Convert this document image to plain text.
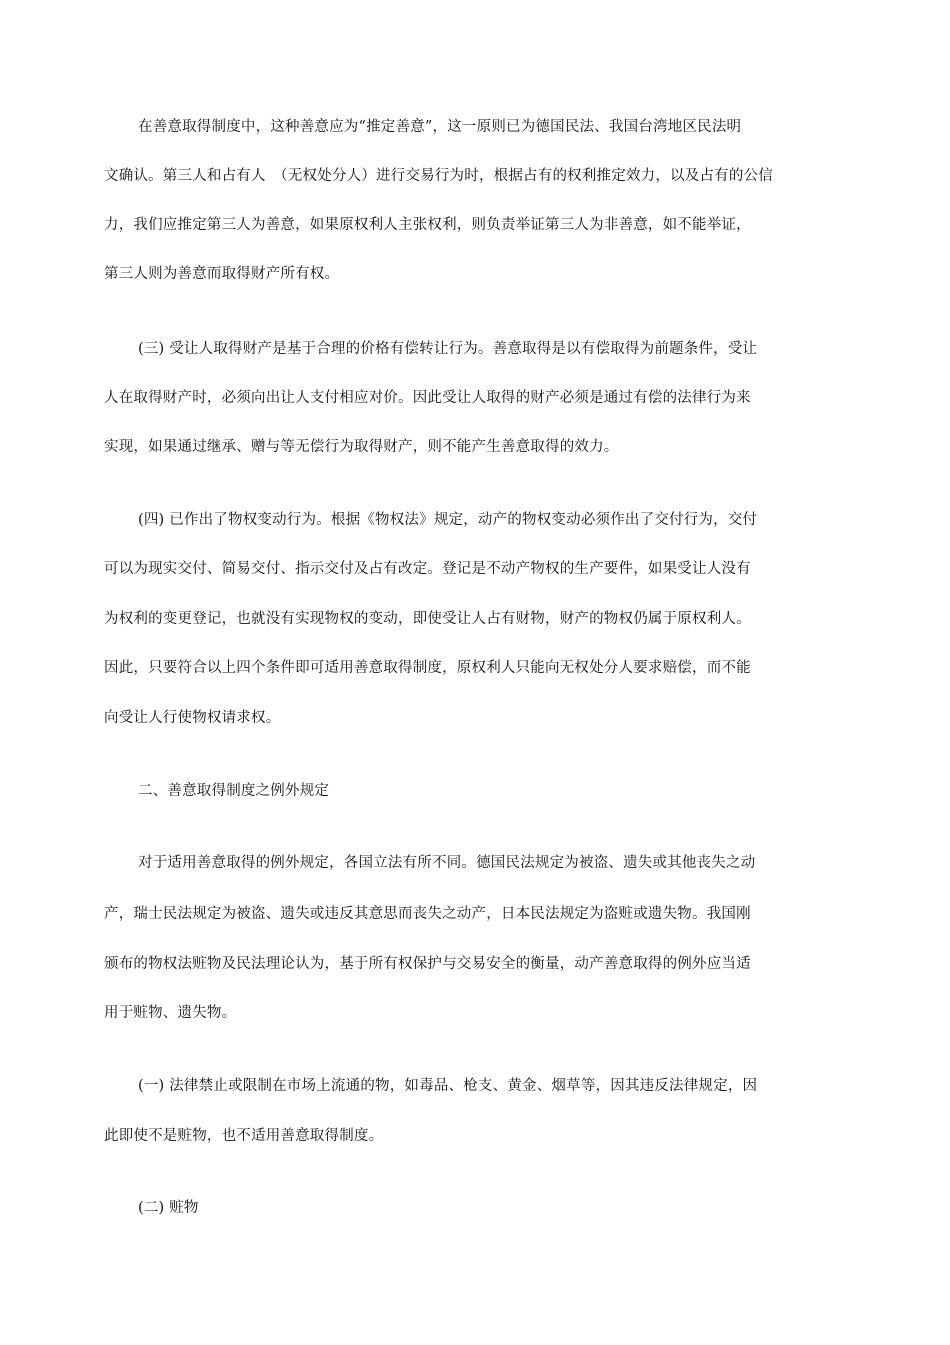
在善意取得制度中，这种善意应为“推定善意”，这一原则已为德国民法、我国台湾地区民法明
文确认。第三人和占有人　（无权处分人）进行交易行为时，根据占有的权利推定效力，以及占有的公信
力，我们应推定第三人为善意，如果原权利人主张权利，则负责举证第三人为非善意，如不能举证，
第三人则为善意而取得财产所有权。
(三) 受让人取得财产是基于合理的价格有偿转让行为。善意取得是以有偿取得为前题条件，受让
人在取得财产时，必须向出让人支付相应对价。因此受让人取得的财产必须是通过有偿的法律行为来
实现，如果通过继承、赠与等无偿行为取得财产，则不能产生善意取得的效力。
(四) 已作出了物权变动行为。根据《物权法》规定，动产的物权变动必须作出了交付行为，交付
可以为现实交付、简易交付、指示交付及占有改定。登记是不动产物权的生产要件，如果受让人没有
为权利的变更登记，也就没有实现物权的变动，即使受让人占有财物，财产的物权仍属于原权利人。
因此，只要符合以上四个条件即可适用善意取得制度，原权利人只能向无权处分人要求赔偿，而不能
向受让人行使物权请求权。
二、善意取得制度之例外规定
对于适用善意取得的例外规定，各国立法有所不同。德国民法规定为被盗、遗失或其他丧失之动
产，瑞士民法规定为被盗、遗失或违反其意思而丧失之动产，日本民法规定为盗赃或遗失物。我国刚
颁布的物权法赃物及民法理论认为，基于所有权保护与交易安全的衡量，动产善意取得的例外应当适
用于赃物、遗失物。
(一) 法律禁止或限制在市场上流通的物，如毒品、枪支、黄金、烟草等，因其违反法律规定，因
此即使不是赃物，也不适用善意取得制度。
(二) 赃物
